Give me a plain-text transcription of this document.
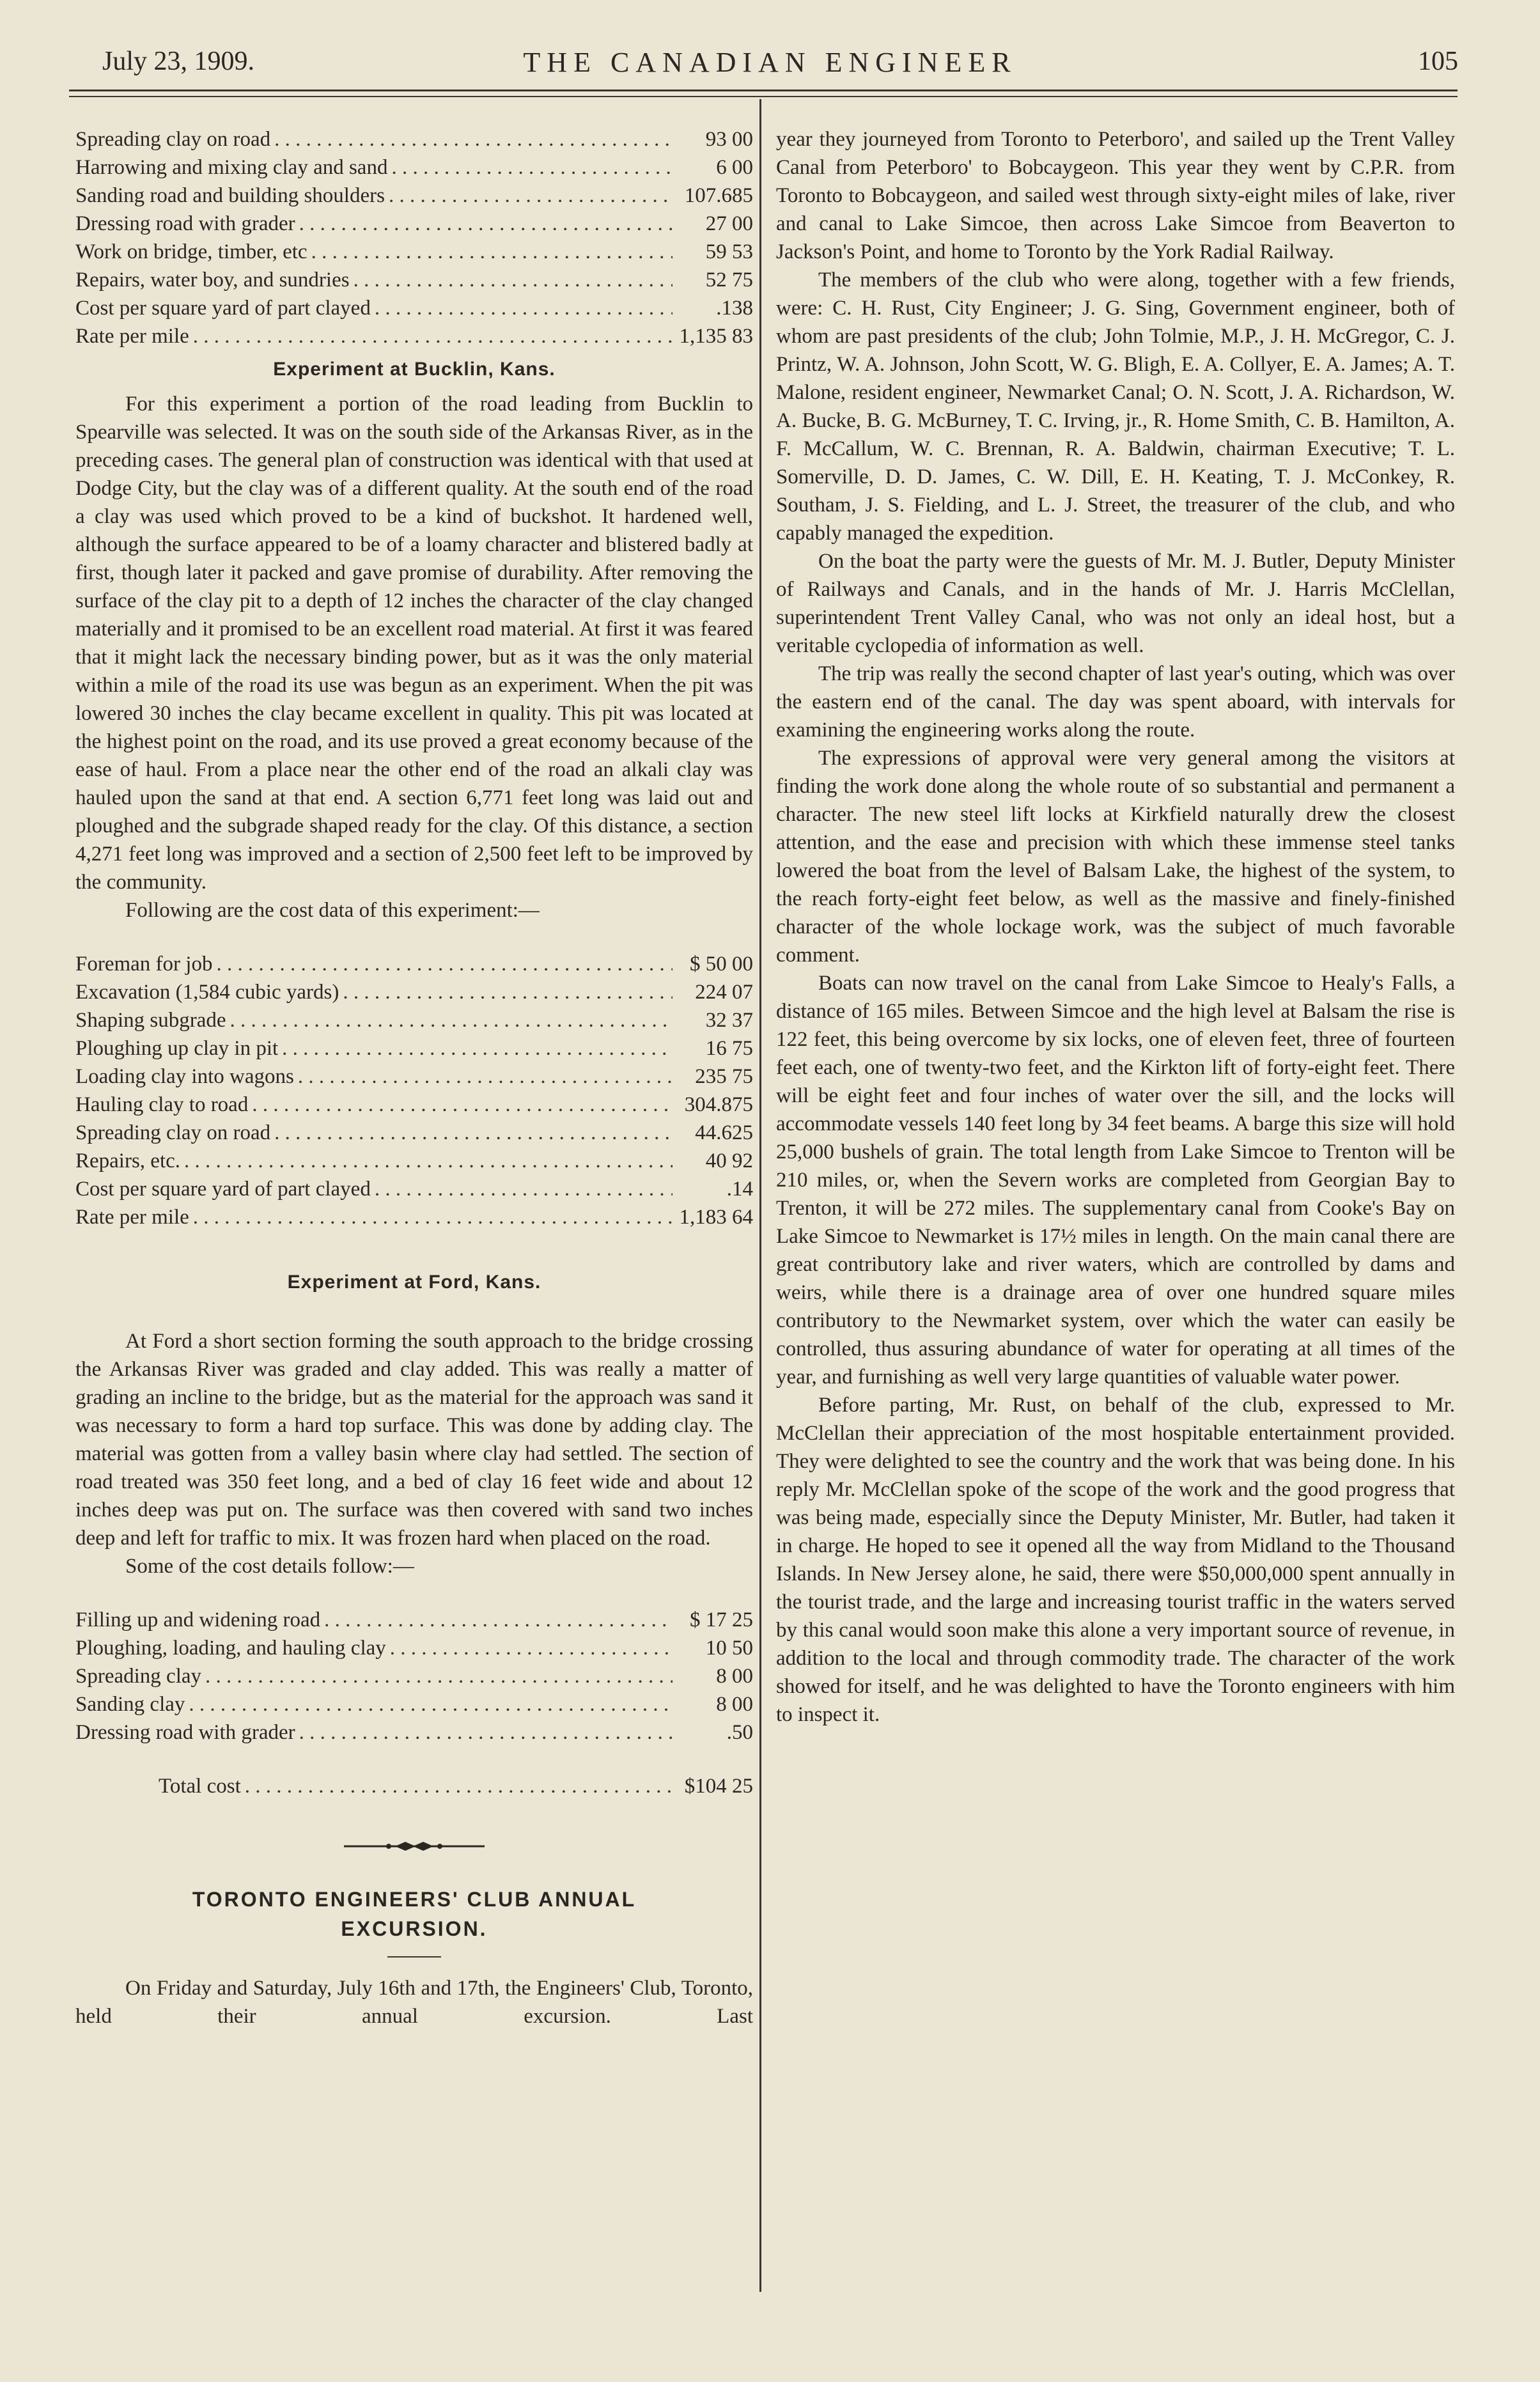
July 23, 1909.	THE CANADIAN ENGINEER	105
Spreading clay on road . . .	93 00
Harrowing and mixing clay and sand . . .	6 00
Sanding road and building shoulders . . .	107.685
Dressing road with grader . . .	27 00
Work on bridge, timber, etc . . .	59 53
Repairs, water boy, and sundries . . .	52 75
Cost per square yard of part clayed . . .	.138
Rate per mile . . .	1,135 83
Experiment at Bucklin, Kans.

For this experiment a portion of the road leading from Bucklin to Spearville was selected. It was on the south side of the Arkansas River, as in the preceding cases. The general plan of construction was identical with that used at Dodge City, but the clay was of a different quality. At the south end of the road a clay was used which proved to be a kind of buckshot. It hardened well, although the surface appeared to be of a loamy character and blistered badly at first, though later it packed and gave promise of durability. After removing the surface of the clay pit to a depth of 12 inches the character of the clay changed materially and it promised to be an excellent road material. At first it was feared that it might lack the necessary binding power, but as it was the only material within a mile of the road its use was begun as an experiment. When the pit was lowered 30 inches the clay became excellent in quality. This pit was located at the highest point on the road, and its use proved a great economy because of the ease of haul. From a place near the other end of the road an alkali clay was hauled upon the sand at that end. A section 6,771 feet long was laid out and ploughed and the subgrade shaped ready for the clay. Of this distance, a section 4,271 feet long was improved and a section of 2,500 feet left to be improved by the community.

Following are the cost data of this experiment:—

Foreman for job . . .	$ 50 00
Excavation (1,584 cubic yards) . . .	224 07
Shaping subgrade . . .	32 37
Ploughing up clay in pit . . .	16 75
Loading clay into wagons . . .	235 75
Hauling clay to road . . .	304.875
Spreading clay on road . . .	44.625
Repairs, etc. . . .	40 92
Cost per square yard of part clayed . . .	.14
Rate per mile . . .	1,183 64
Experiment at Ford, Kans.

At Ford a short section forming the south approach to the bridge crossing the Arkansas River was graded and clay added. This was really a matter of grading an incline to the bridge, but as the material for the approach was sand it was necessary to form a hard top surface. This was done by adding clay. The material was gotten from a valley basin where clay had settled. The section of road treated was 350 feet long, and a bed of clay 16 feet wide and about 12 inches deep was put on. The surface was then covered with sand two inches deep and left for traffic to mix. It was frozen hard when placed on the road.

Some of the cost details follow:—

Filling up and widening road . . .	$ 17 25
Ploughing, loading, and hauling clay . . .	10 50
Spreading clay . . .	8 00
Sanding clay . . .	8 00
Dressing road with grader . . .	.50
Total cost . . .	$104 25
TORONTO ENGINEERS' CLUB ANNUAL
EXCURSION.

On Friday and Saturday, July 16th and 17th, the Engineers' Club, Toronto, held their annual excursion. Last

year they journeyed from Toronto to Peterboro', and sailed up the Trent Valley Canal from Peterboro' to Bobcaygeon. This year they went by C.P.R. from Toronto to Bobcaygeon, and sailed west through sixty-eight miles of lake, river and canal to Lake Simcoe, then across Lake Simcoe from Beaverton to Jackson's Point, and home to Toronto by the York Radial Railway.

The members of the club who were along, together with a few friends, were: C. H. Rust, City Engineer; J. G. Sing, Government engineer, both of whom are past presidents of the club; John Tolmie, M.P., J. H. McGregor, C. J. Printz, W. A. Johnson, John Scott, W. G. Bligh, E. A. Collyer, E. A. James; A. T. Malone, resident engineer, Newmarket Canal; O. N. Scott, J. A. Richardson, W. A. Bucke, B. G. McBurney, T. C. Irving, jr., R. Home Smith, C. B. Hamilton, A. F. McCallum, W. C. Brennan, R. A. Baldwin, chairman Executive; T. L. Somerville, D. D. James, C. W. Dill, E. H. Keating, T. J. McConkey, R. Southam, J. S. Fielding, and L. J. Street, the treasurer of the club, and who capably managed the expedition.

On the boat the party were the guests of Mr. M. J. Butler, Deputy Minister of Railways and Canals, and in the hands of Mr. J. Harris McClellan, superintendent Trent Valley Canal, who was not only an ideal host, but a veritable cyclopedia of information as well.

The trip was really the second chapter of last year's outing, which was over the eastern end of the canal. The day was spent aboard, with intervals for examining the engineering works along the route.

The expressions of approval were very general among the visitors at finding the work done along the whole route of so substantial and permanent a character. The new steel lift locks at Kirkfield naturally drew the closest attention, and the ease and precision with which these immense steel tanks lowered the boat from the level of Balsam Lake, the highest of the system, to the reach forty-eight feet below, as well as the massive and finely-finished character of the whole lockage work, was the subject of much favorable comment.

Boats can now travel on the canal from Lake Simcoe to Healy's Falls, a distance of 165 miles. Between Simcoe and the high level at Balsam the rise is 122 feet, this being overcome by six locks, one of eleven feet, three of fourteen feet each, one of twenty-two feet, and the Kirkton lift of forty-eight feet. There will be eight feet and four inches of water over the sill, and the locks will accommodate vessels 140 feet long by 34 feet beams. A barge this size will hold 25,000 bushels of grain. The total length from Lake Simcoe to Trenton will be 210 miles, or, when the Severn works are completed from Georgian Bay to Trenton, it will be 272 miles. The supplementary canal from Cooke's Bay on Lake Simcoe to Newmarket is 17½ miles in length. On the main canal there are great contributory lake and river waters, which are controlled by dams and weirs, while there is a drainage area of over one hundred square miles contributory to the Newmarket system, over which the water can easily be controlled, thus assuring abundance of water for operating at all times of the year, and furnishing as well very large quantities of valuable water power.

Before parting, Mr. Rust, on behalf of the club, expressed to Mr. McClellan their appreciation of the most hospitable entertainment provided. They were delighted to see the country and the work that was being done. In his reply Mr. McClellan spoke of the scope of the work and the good progress that was being made, especially since the Deputy Minister, Mr. Butler, had taken it in charge. He hoped to see it opened all the way from Midland to the Thousand Islands. In New Jersey alone, he said, there were $50,000,000 spent annually in the tourist trade, and the large and increasing tourist traffic in the waters served by this canal would soon make this alone a very important source of revenue, in addition to the local and through commodity trade. The character of the work showed for itself, and he was delighted to have the Toronto engineers with him to inspect it.
